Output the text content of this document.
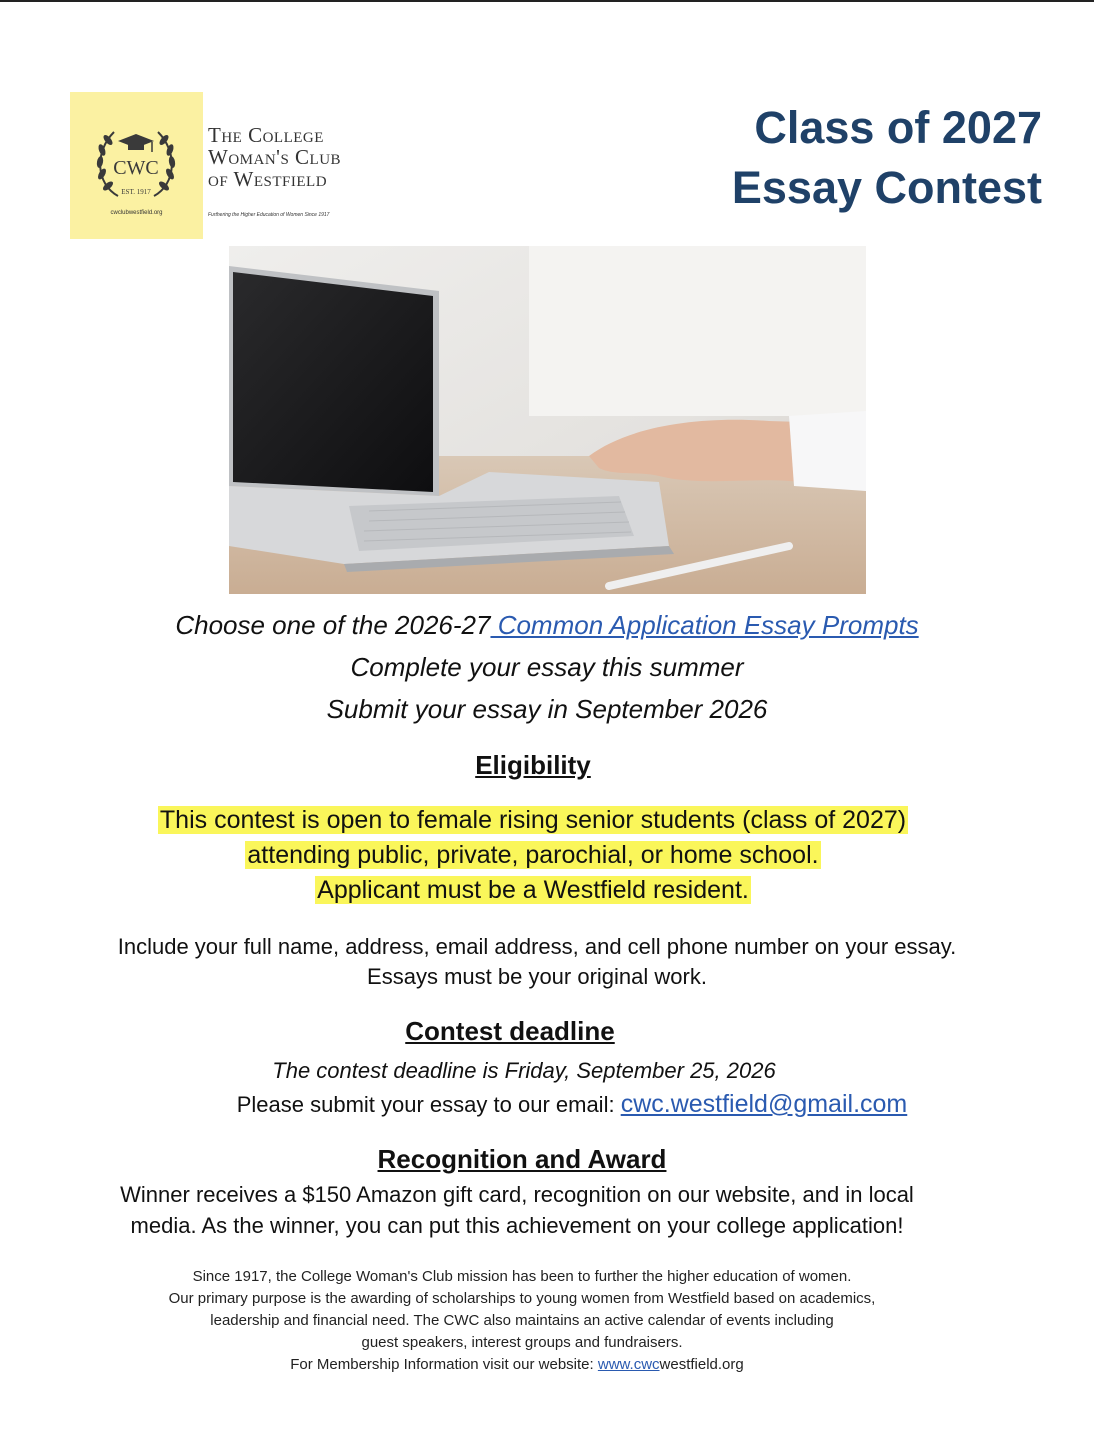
CWC
EST. 1917
cwclubwestfield.org
The College
Woman's Club
of Westfield
Furthering the Higher Education of Women Since 1917
Class of 2027
Essay Contest
Choose one of the 2026-27 Common Application Essay Prompts
Complete your essay this summer
Submit your essay in September 2026
Eligibility
This contest is open to female rising senior students (class of 2027)
attending public, private, parochial, or home school.
Applicant must be a Westfield resident.
Include your full name, address, email address, and cell phone number on your essay.
Essays must be your original work.
Contest deadline
The contest deadline is Friday, September 25, 2026
Please submit your essay to our email: cwc.westfield@gmail.com
Recognition and Award
Winner receives a $150 Amazon gift card, recognition on our website, and in local
media. As the winner, you can put this achievement on your college application!
Since 1917, the College Woman's Club mission has been to further the higher education of women.
Our primary purpose is the awarding of scholarships to young women from Westfield based on academics,
leadership and financial need. The CWC also maintains an active calendar of events including
guest speakers, interest groups and fundraisers.
For Membership Information visit our website: www.cwcwestfield.org
